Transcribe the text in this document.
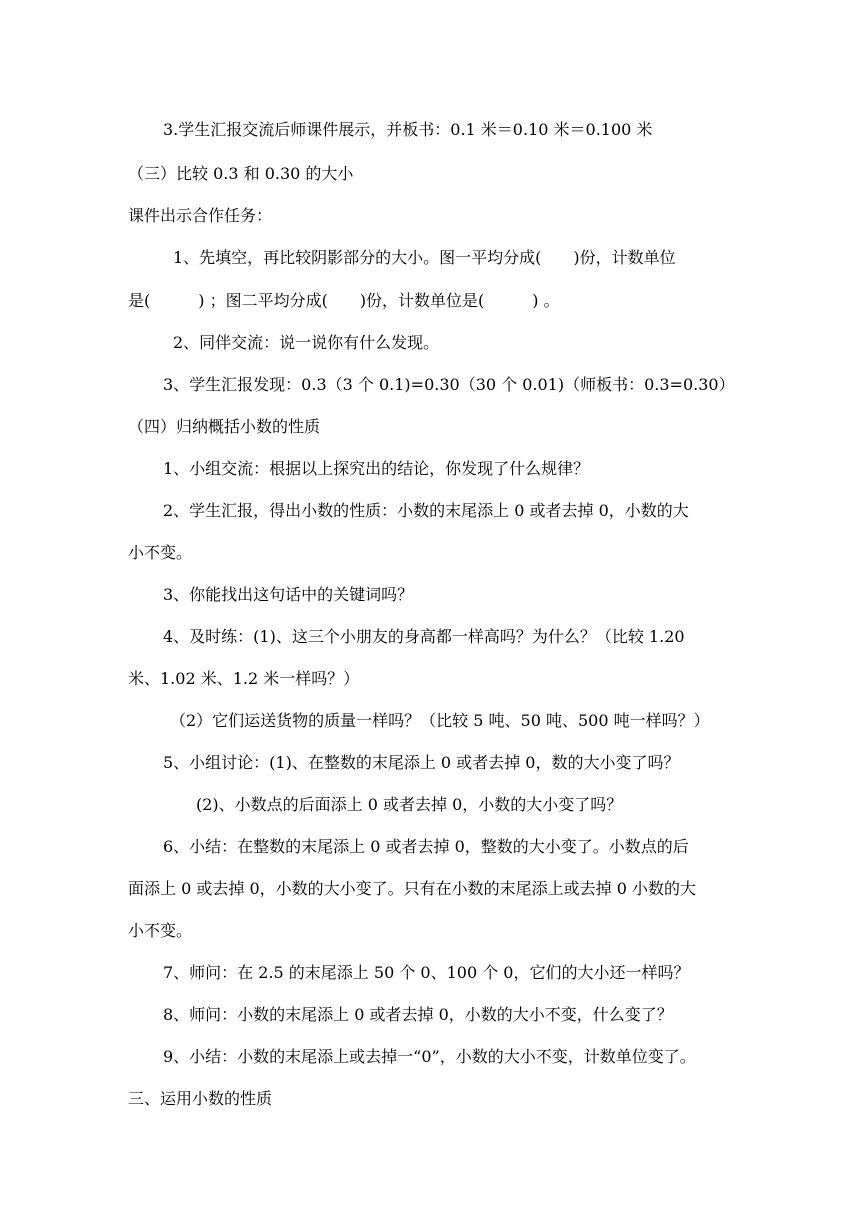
3.学生汇报交流后师课件展示，并板书：0.1 米＝0.10 米＝0.100 米

（三）比较 0.3 和 0.30 的大小

课件出示合作任务：

1、先填空，再比较阴影部分的大小。图一平均分成(　　)份，计数单位

是(　　　) ；图二平均分成(　　)份，计数单位是(　　　) 。

2、同伴交流：说一说你有什么发现。

3、学生汇报发现：0.3（3 个 0.1)=0.30（30 个 0.01)（师板书：0.3=0.30）

（四）归纳概括小数的性质

1、小组交流：根据以上探究出的结论，你发现了什么规律？

2、学生汇报，得出小数的性质：小数的末尾添上 0 或者去掉 0，小数的大

小不变。

3、你能找出这句话中的关键词吗？

4、及时练：(1)、这三个小朋友的身高都一样高吗？为什么？（比较 1.20

米、1.02 米、1.2 米一样吗？）

（2）它们运送货物的质量一样吗？（比较 5 吨、50 吨、500 吨一样吗？）

5、小组讨论：(1)、在整数的末尾添上 0 或者去掉 0，数的大小变了吗？

(2)、小数点的后面添上 0 或者去掉 0，小数的大小变了吗？

6、小结：在整数的末尾添上 0 或者去掉 0，整数的大小变了。小数点的后

面添上 0 或去掉 0，小数的大小变了。只有在小数的末尾添上或去掉 0 小数的大

小不变。

7、师问：在 2.5 的末尾添上 50 个 0、100 个 0，它们的大小还一样吗？

8、师问：小数的末尾添上 0 或者去掉 0，小数的大小不变，什么变了？

9、小结：小数的末尾添上或去掉一“0”，小数的大小不变，计数单位变了。

三、运用小数的性质
